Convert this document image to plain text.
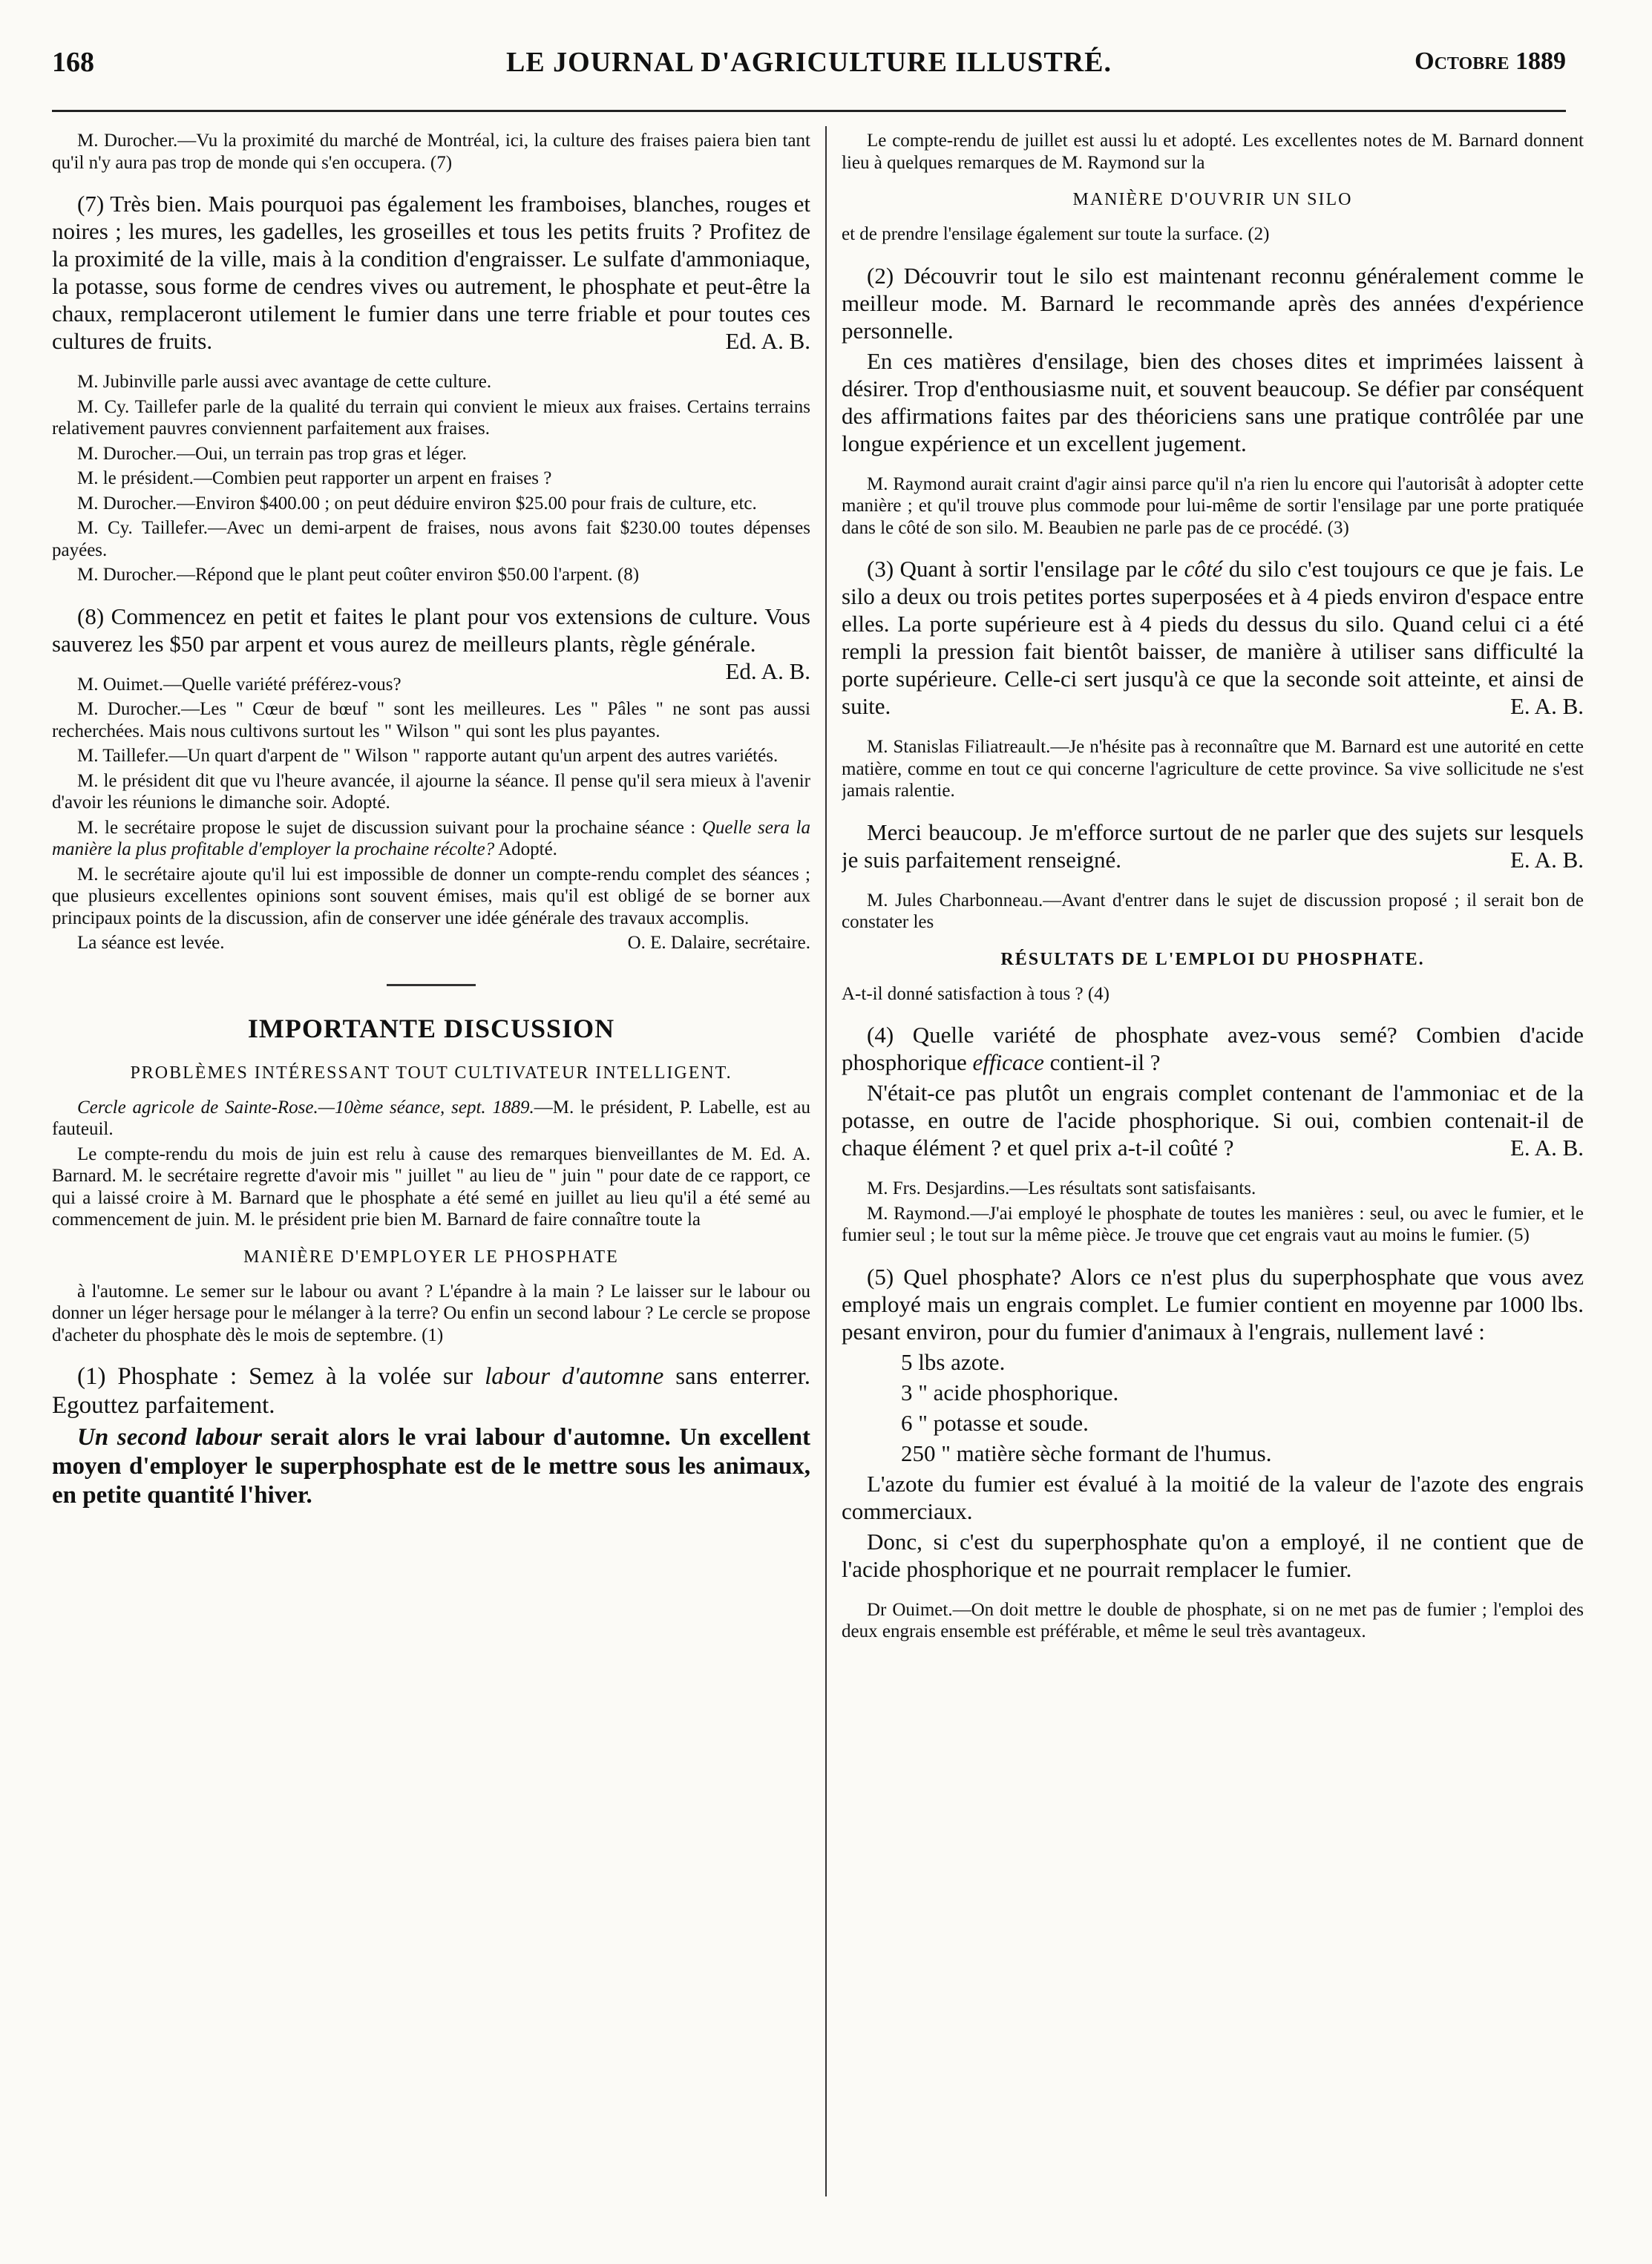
168	LE JOURNAL D'AGRICULTURE ILLUSTRÉ.	Octobre 1889

M. Durocher.—Vu la proximité du marché de Montréal, ici, la culture des fraises paiera bien tant qu'il n'y aura pas trop de monde qui s'en occupera. (7)

(7) Très bien. Mais pourquoi pas également les framboises, blanches, rouges et noires ; les mures, les gadelles, les groseilles et tous les petits fruits ? Profitez de la proximité de la ville, mais à la condition d'engraisser. Le sulfate d'ammoniaque, la potasse, sous forme de cendres vives ou autrement, le phosphate et peut-être la chaux, remplaceront utilement le fumier dans une terre friable et pour toutes ces cultures de fruits.	Ed. A. B.

M. Jubinville parle aussi avec avantage de cette culture.

M. Cy. Taillefer parle de la qualité du terrain qui convient le mieux aux fraises. Certains terrains relativement pauvres conviennent parfaitement aux fraises.

M. Durocher.—Oui, un terrain pas trop gras et léger.

M. le président.—Combien peut rapporter un arpent en fraises ?

M. Durocher.—Environ $400.00 ; on peut déduire environ $25.00 pour frais de culture, etc.

M. Cy. Taillefer.—Avec un demi-arpent de fraises, nous avons fait $230.00 toutes dépenses payées.

M. Durocher.—Répond que le plant peut coûter environ $50.00 l'arpent. (8)

(8) Commencez en petit et faites le plant pour vos extensions de culture. Vous sauverez les $50 par arpent et vous aurez de meilleurs plants, règle générale.
Ed. A. B.

M. Ouimet.—Quelle variété préférez-vous?

M. Durocher.—Les " Cœur de bœuf " sont les meilleures. Les " Pâles " ne sont pas aussi recherchées. Mais nous cultivons surtout les " Wilson " qui sont les plus payantes.

M. Taillefer.—Un quart d'arpent de " Wilson " rapporte autant qu'un arpent des autres variétés.

M. le président dit que vu l'heure avancée, il ajourne la séance. Il pense qu'il sera mieux à l'avenir d'avoir les réunions le dimanche soir. Adopté.

M. le secrétaire propose le sujet de discussion suivant pour la prochaine séance : Quelle sera la manière la plus profitable d'employer la prochaine récolte? Adopté.

M. le secrétaire ajoute qu'il lui est impossible de donner un compte-rendu complet des séances ; que plusieurs excellentes opinions sont souvent émises, mais qu'il est obligé de se borner aux principaux points de la discussion, afin de conserver une idée générale des travaux accomplis.

La séance est levée.	O. E. Dalaire, secrétaire.

IMPORTANTE DISCUSSION

PROBLÈMES INTÉRESSANT TOUT CULTIVATEUR INTELLIGENT.

Cercle agricole de Sainte-Rose.—10ème séance, sept. 1889.—M. le président, P. Labelle, est au fauteuil.

Le compte-rendu du mois de juin est relu à cause des remarques bienveillantes de M. Ed. A. Barnard. M. le secrétaire regrette d'avoir mis " juillet " au lieu de " juin " pour date de ce rapport, ce qui a laissé croire à M. Barnard que le phosphate a été semé en juillet au lieu qu'il a été semé au commencement de juin. M. le président prie bien M. Barnard de faire connaître toute la

MANIÈRE D'EMPLOYER LE PHOSPHATE

à l'automne. Le semer sur le labour ou avant ? L'épandre à la main ? Le laisser sur le labour ou donner un léger hersage pour le mélanger à la terre? Ou enfin un second labour ? Le cercle se propose d'acheter du phosphate dès le mois de septembre. (1)

(1) Phosphate : Semez à la volée sur labour d'automne sans enterrer. Egouttez parfaitement.

Un second labour serait alors le vrai labour d'automne. Un excellent moyen d'employer le superphosphate est de le mettre sous les animaux, en petite quantité l'hiver.

Le compte-rendu de juillet est aussi lu et adopté. Les excellentes notes de M. Barnard donnent lieu à quelques remarques de M. Raymond sur la

MANIÈRE D'OUVRIR UN SILO

et de prendre l'ensilage également sur toute la surface. (2)

(2) Découvrir tout le silo est maintenant reconnu généralement comme le meilleur mode. M. Barnard le recommande après des années d'expérience personnelle.

En ces matières d'ensilage, bien des choses dites et imprimées laissent à désirer. Trop d'enthousiasme nuit, et souvent beaucoup. Se défier par conséquent des affirmations faites par des théoriciens sans une pratique contrôlée par une longue expérience et un excellent jugement.

M. Raymond aurait craint d'agir ainsi parce qu'il n'a rien lu encore qui l'autorisât à adopter cette manière ; et qu'il trouve plus commode pour lui-même de sortir l'ensilage par une porte pratiquée dans le côté de son silo. M. Beaubien ne parle pas de ce procédé. (3)

(3) Quant à sortir l'ensilage par le côté du silo c'est toujours ce que je fais. Le silo a deux ou trois petites portes superposées et à 4 pieds environ d'espace entre elles. La porte supérieure est à 4 pieds du dessus du silo. Quand celui ci a été rempli la pression fait bientôt baisser, de manière à utiliser sans difficulté la porte supérieure. Celle-ci sert jusqu'à ce que la seconde soit atteinte, et ainsi de suite.	E. A. B.

M. Stanislas Filiatreault.—Je n'hésite pas à reconnaître que M. Barnard est une autorité en cette matière, comme en tout ce qui concerne l'agriculture de cette province. Sa vive sollicitude ne s'est jamais ralentie.

Merci beaucoup. Je m'efforce surtout de ne parler que des sujets sur lesquels je suis parfaitement renseigné.	E. A. B.

M. Jules Charbonneau.—Avant d'entrer dans le sujet de discussion proposé ; il serait bon de constater les

RÉSULTATS DE L'EMPLOI DU PHOSPHATE.

A-t-il donné satisfaction à tous ? (4)

(4) Quelle variété de phosphate avez-vous semé? Combien d'acide phosphorique efficace contient-il ?

N'était-ce pas plutôt un engrais complet contenant de l'ammoniac et de la potasse, en outre de l'acide phosphorique. Si oui, combien contenait-il de chaque élément ? et quel prix a-t-il coûté ?	E. A. B.

M. Frs. Desjardins.—Les résultats sont satisfaisants.

M. Raymond.—J'ai employé le phosphate de toutes les manières : seul, ou avec le fumier, et le fumier seul ; le tout sur la même pièce. Je trouve que cet engrais vaut au moins le fumier. (5)

(5) Quel phosphate? Alors ce n'est plus du superphosphate que vous avez employé mais un engrais complet. Le fumier contient en moyenne par 1000 lbs. pesant environ, pour du fumier d'animaux à l'engrais, nullement lavé :

5 lbs azote.

3 " acide phosphorique.

6 " potasse et soude.

250 " matière sèche formant de l'humus.

L'azote du fumier est évalué à la moitié de la valeur de l'azote des engrais commerciaux.

Donc, si c'est du superphosphate qu'on a employé, il ne contient que de l'acide phosphorique et ne pourrait remplacer le fumier.

Dr Ouimet.—On doit mettre le double de phosphate, si on ne met pas de fumier ; l'emploi des deux engrais ensemble est préférable, et même le seul très avantageux.
